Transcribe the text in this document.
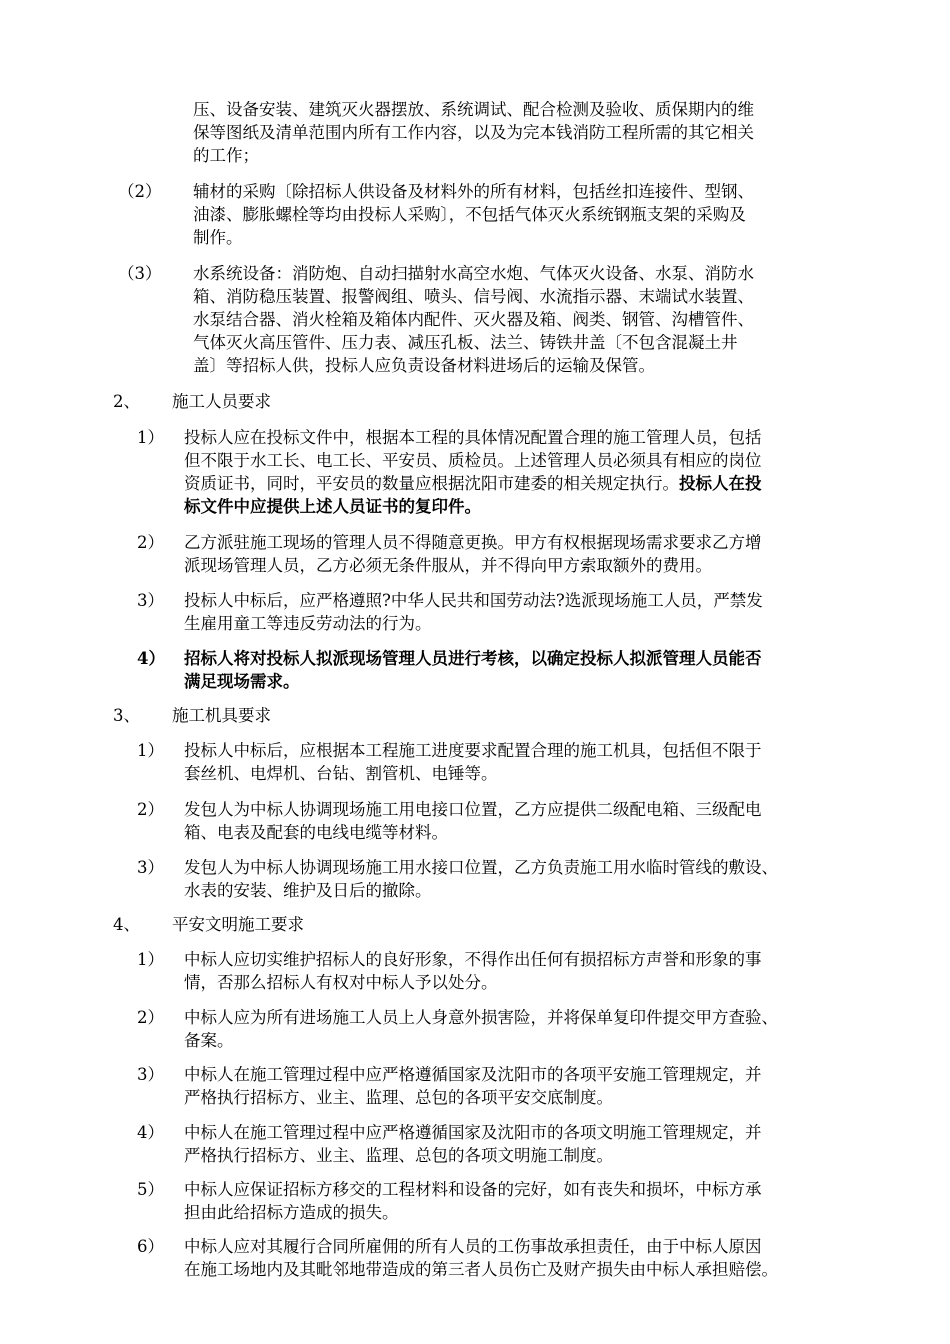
压、设备安装、建筑灭火器摆放、系统调试、配合检测及验收、质保期内的维
保等图纸及清单范围内所有工作内容，以及为完本钱消防工程所需的其它相关
的工作；
（2） 辅材的采购〔除招标人供设备及材料外的所有材料，包括丝扣连接件、型钢、
油漆、膨胀螺栓等均由投标人采购〕，不包括气体灭火系统钢瓶支架的采购及
制作。
（3） 水系统设备：消防炮、自动扫描射水高空水炮、气体灭火设备、水泵、消防水
箱、消防稳压装置、报警阀组、喷头、信号阀、水流指示器、末端试水装置、
水泵结合器、消火栓箱及箱体内配件、灭火器及箱、阀类、钢管、沟槽管件、
气体灭火高压管件、压力表、减压孔板、法兰、铸铁井盖〔不包含混凝土井
盖〕等招标人供，投标人应负责设备材料进场后的运输及保管。
2、 施工人员要求
1） 投标人应在投标文件中，根据本工程的具体情况配置合理的施工管理人员，包括
但不限于水工长、电工长、平安员、质检员。上述管理人员必须具有相应的岗位
资质证书，同时，平安员的数量应根据沈阳市建委的相关规定执行。投标人在投
标文件中应提供上述人员证书的复印件。
2） 乙方派驻施工现场的管理人员不得随意更换。甲方有权根据现场需求要求乙方增
派现场管理人员，乙方必须无条件服从，并不得向甲方索取额外的费用。
3） 投标人中标后，应严格遵照?中华人民共和国劳动法?选派现场施工人员，严禁发
生雇用童工等违反劳动法的行为。
4） 招标人将对投标人拟派现场管理人员进行考核，以确定投标人拟派管理人员能否
满足现场需求。
3、 施工机具要求
1） 投标人中标后，应根据本工程施工进度要求配置合理的施工机具，包括但不限于
套丝机、电焊机、台钻、割管机、电锤等。
2） 发包人为中标人协调现场施工用电接口位置，乙方应提供二级配电箱、三级配电
箱、电表及配套的电线电缆等材料。
3） 发包人为中标人协调现场施工用水接口位置，乙方负责施工用水临时管线的敷设、
水表的安装、维护及日后的撤除。
4、 平安文明施工要求
1） 中标人应切实维护招标人的良好形象，不得作出任何有损招标方声誉和形象的事
情，否那么招标人有权对中标人予以处分。
2） 中标人应为所有进场施工人员上人身意外损害险，并将保单复印件提交甲方查验、
备案。
3） 中标人在施工管理过程中应严格遵循国家及沈阳市的各项平安施工管理规定，并
严格执行招标方、业主、监理、总包的各项平安交底制度。
4） 中标人在施工管理过程中应严格遵循国家及沈阳市的各项文明施工管理规定，并
严格执行招标方、业主、监理、总包的各项文明施工制度。
5） 中标人应保证招标方移交的工程材料和设备的完好，如有丧失和损坏，中标方承
担由此给招标方造成的损失。
6） 中标人应对其履行合同所雇佣的所有人员的工伤事故承担责任，由于中标人原因
在施工场地内及其毗邻地带造成的第三者人员伤亡及财产损失由中标人承担赔偿。
